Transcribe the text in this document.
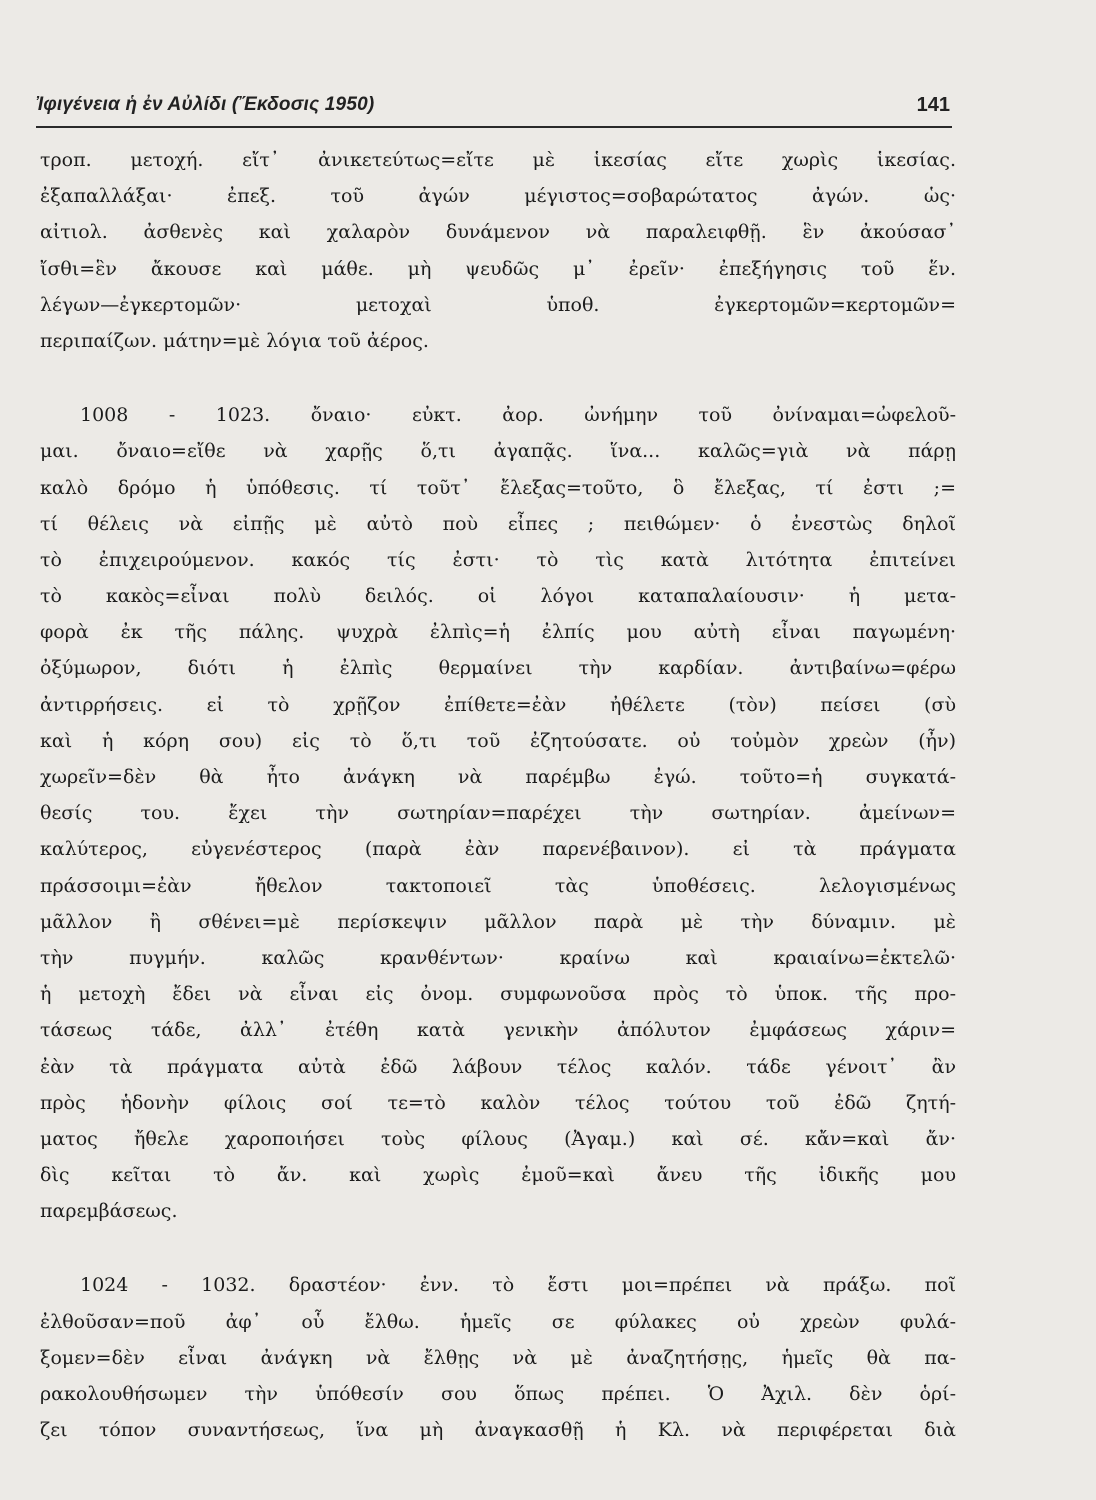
Ἰφιγένεια ἡ ἐν Αὐλίδι (Ἔκδοσις 1950)	141
τροπ. μετοχή. εἴτ᾽ ἀνικετεύτως=εἴτε μὲ ἱκεσίας εἴτε χωρὶς ἱκεσίας.
ἐξαπαλλάξαι· ἐπεξ. τοῦ ἀγών μέγιστος=σοβαρώτατος ἀγών. ὡς·
αἰτιολ. ἀσθενὲς καὶ χαλαρὸν δυνάμενον νὰ παραλειφθῇ. ἓν ἀκούσασ᾽
ἴσθι=ἓν ἄκουσε καὶ μάθε. μὴ ψευδῶς μ᾽ ἐρεῖν· ἐπεξήγησις τοῦ ἕν.
λέγων—ἐγκερτομῶν· μετοχαὶ ὑποθ. ἐγκερτομῶν=κερτομῶν=
περιπαίζων. μάτην=μὲ λόγια τοῦ ἀέρος.
1008 - 1023. ὄναιο· εὐκτ. ἀορ. ὠνήμην τοῦ ὀνίναμαι=ὠφελοῦ-
μαι. ὄναιο=εἴθε νὰ χαρῇς ὅ,τι ἀγαπᾷς. ἵνα... καλῶς=γιὰ νὰ πάρῃ
καλὸ δρόμο ἡ ὑπόθεσις. τί τοῦτ᾽ ἔλεξας=τοῦτο, ὃ ἔλεξας, τί ἐστι ;=
τί θέλεις νὰ εἰπῇς μὲ αὐτὸ ποὺ εἶπες ; πειθώμεν· ὁ ἐνεστὼς δηλοῖ
τὸ ἐπιχειρούμενον. κακός τίς ἐστι· τὸ τὶς κατὰ λιτότητα ἐπιτείνει
τὸ κακὸς=εἶναι πολὺ δειλός. οἱ λόγοι καταπαλαίουσιν· ἡ μετα-
φορὰ ἐκ τῆς πάλης. ψυχρὰ ἐλπὶς=ἡ ἐλπίς μου αὐτὴ εἶναι παγωμένη·
ὀξύμωρον, διότι ἡ ἐλπὶς θερμαίνει τὴν καρδίαν. ἀντιβαίνω=φέρω
ἀντιρρήσεις. εἰ τὸ χρῇζον ἐπίθετε=ἐὰν ἠθέλετε (τὸν) πείσει (σὺ
καὶ ἡ κόρη σου) εἰς τὸ ὅ,τι τοῦ ἐζητούσατε. οὐ τοὐμὸν χρεὼν (ἦν)
χωρεῖν=δὲν θὰ ἦτο ἀνάγκη νὰ παρέμβω ἐγώ. τοῦτο=ἡ συγκατά-
θεσίς του. ἔχει τὴν σωτηρίαν=παρέχει τὴν σωτηρίαν. ἀμείνων=
καλύτερος, εὐγενέστερος (παρὰ ἐὰν παρενέβαινον). εἰ τὰ πράγματα
πράσσοιμι=ἐὰν ἤθελον τακτοποιεῖ τὰς ὑποθέσεις. λελογισμένως
μᾶλλον ἢ σθένει=μὲ περίσκεψιν μᾶλλον παρὰ μὲ τὴν δύναμιν. μὲ
τὴν πυγμήν. καλῶς κρανθέντων· κραίνω καὶ κραιαίνω=ἐκτελῶ·
ἡ μετοχὴ ἔδει νὰ εἶναι εἰς ὀνομ. συμφωνοῦσα πρὸς τὸ ὑποκ. τῆς προ-
τάσεως τάδε, ἀλλ᾽ ἐτέθη κατὰ γενικὴν ἀπόλυτον ἐμφάσεως χάριν=
ἐὰν τὰ πράγματα αὐτὰ ἐδῶ λάβουν τέλος καλόν. τάδε γένοιτ᾽ ἂν
πρὸς ἡδονὴν φίλοις σοί τε=τὸ καλὸν τέλος τούτου τοῦ ἐδῶ ζητή-
ματος ἤθελε χαροποιήσει τοὺς φίλους (Ἀγαμ.) καὶ σέ. κἄν=καὶ ἄν·
δὶς κεῖται τὸ ἄν. καὶ χωρὶς ἐμοῦ=καὶ ἄνευ τῆς ἰδικῆς μου
παρεμβάσεως.
1024 - 1032. δραστέον· ἐνν. τὸ ἔστι μοι=πρέπει νὰ πράξω. ποῖ
ἐλθοῦσαν=ποῦ ἀφ᾽ οὗ ἔλθω. ἡμεῖς σε φύλακες οὐ χρεὼν φυλά-
ξομεν=δὲν εἶναι ἀνάγκη νὰ ἔλθῃς νὰ μὲ ἀναζητήσῃς, ἡμεῖς θὰ πα-
ρακολουθήσωμεν τὴν ὑπόθεσίν σου ὅπως πρέπει. Ὁ Ἀχιλ. δὲν ὁρί-
ζει τόπον συναντήσεως, ἵνα μὴ ἀναγκασθῇ ἡ Κλ. νὰ περιφέρεται διὰ
